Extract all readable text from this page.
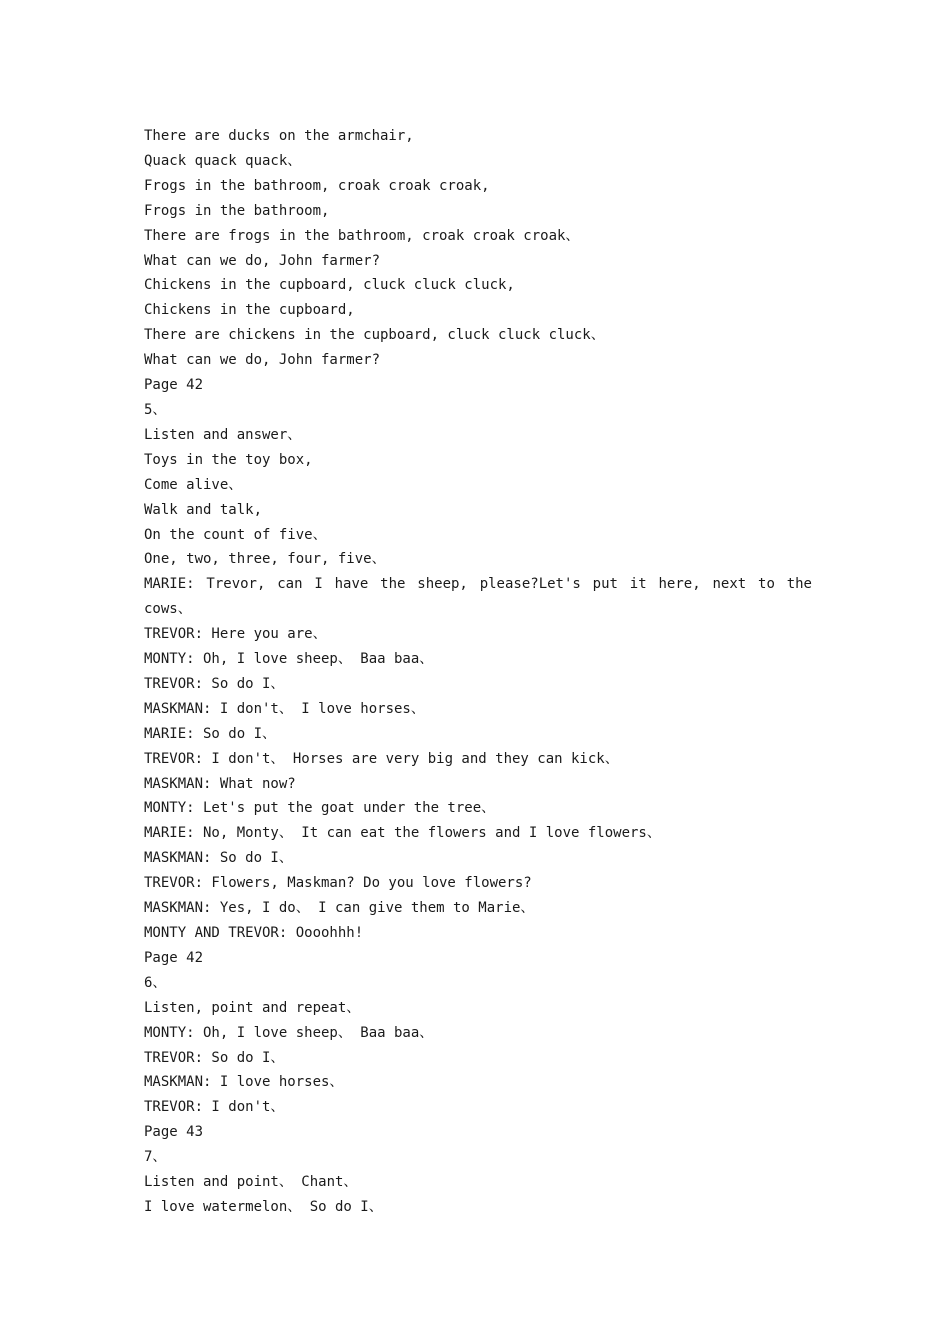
There are ducks on the armchair,

Quack quack quack、

Frogs in the bathroom, croak croak croak,

Frogs in the bathroom,

There are frogs in the bathroom, croak croak croak、

What can we do, John farmer?

Chickens in the cupboard, cluck cluck cluck,

Chickens in the cupboard,

There are chickens in the cupboard, cluck cluck cluck、

What can we do, John farmer?

Page 42

5、

Listen and answer、

Toys in the toy box,

Come alive、

Walk and talk,

On the count of five、

One, two, three, four, five、

MARIE: Trevor, can I have the sheep, please?Let's put it here, next to the cows、

TREVOR: Here you are、

MONTY: Oh, I love sheep、 Baa baa、

TREVOR: So do I、

MASKMAN: I don't、 I love horses、

MARIE: So do I、

TREVOR: I don't、 Horses are very big and they can kick、

MASKMAN: What now?

MONTY: Let's put the goat under the tree、

MARIE: No, Monty、 It can eat the flowers and I love flowers、

MASKMAN: So do I、

TREVOR: Flowers, Maskman? Do you love flowers?

MASKMAN: Yes, I do、 I can give them to Marie、

MONTY AND TREVOR: Oooohhh!

Page 42

6、

Listen, point and repeat、

MONTY: Oh, I love sheep、 Baa baa、

TREVOR: So do I、

MASKMAN: I love horses、

TREVOR: I don't、

Page 43

7、

Listen and point、 Chant、

I love watermelon、 So do I、
